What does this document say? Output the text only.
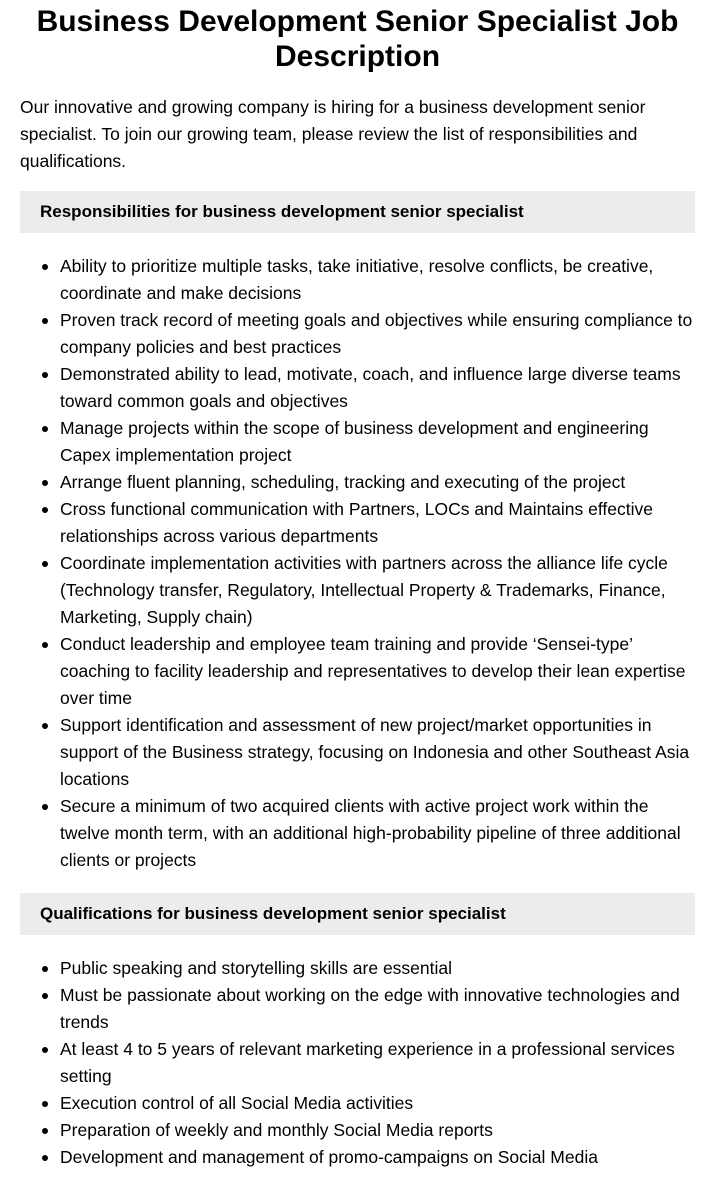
Business Development Senior Specialist Job Description

Our innovative and growing company is hiring for a business development senior specialist. To join our growing team, please review the list of responsibilities and qualifications.

Responsibilities for business development senior specialist
Ability to prioritize multiple tasks, take initiative, resolve conflicts, be creative, coordinate and make decisions
Proven track record of meeting goals and objectives while ensuring compliance to company policies and best practices
Demonstrated ability to lead, motivate, coach, and influence large diverse teams toward common goals and objectives
Manage projects within the scope of business development and engineering Capex implementation project
Arrange fluent planning, scheduling, tracking and executing of the project
Cross functional communication with Partners, LOCs and Maintains effective relationships across various departments
Coordinate implementation activities with partners across the alliance life cycle (Technology transfer, Regulatory, Intellectual Property & Trademarks, Finance, Marketing, Supply chain)
Conduct leadership and employee team training and provide ‘Sensei-type’ coaching to facility leadership and representatives to develop their lean expertise over time
Support identification and assessment of new project/market opportunities in support of the Business strategy, focusing on Indonesia and other Southeast Asia locations
Secure a minimum of two acquired clients with active project work within the twelve month term, with an additional high-probability pipeline of three additional clients or projects
Qualifications for business development senior specialist
Public speaking and storytelling skills are essential
Must be passionate about working on the edge with innovative technologies and trends
At least 4 to 5 years of relevant marketing experience in a professional services setting
Execution control of all Social Media activities
Preparation of weekly and monthly Social Media reports
Development and management of promo-campaigns on Social Media
